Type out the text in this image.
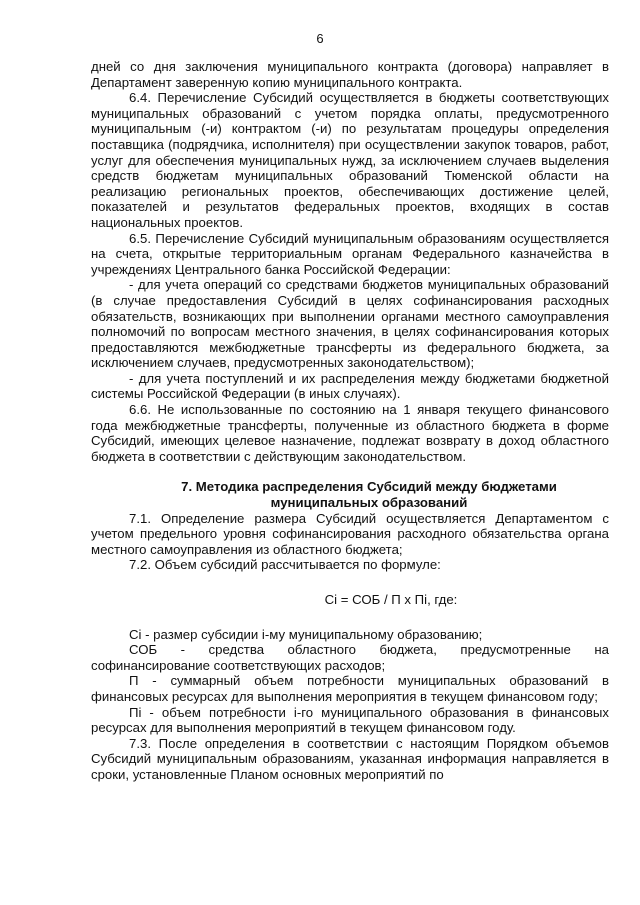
6

дней со дня заключения муниципального контракта (договора) направляет в Департамент заверенную копию муниципального контракта.

6.4. Перечисление Субсидий осуществляется в бюджеты соответствующих муниципальных образований с учетом порядка оплаты, предусмотренного муниципальным (-и) контрактом (-и) по результатам процедуры определения поставщика (подрядчика, исполнителя) при осуществлении закупок товаров, работ, услуг для обеспечения муниципальных нужд, за исключением случаев выделения средств бюджетам муниципальных образований Тюменской области на реализацию региональных проектов, обеспечивающих достижение целей, показателей и результатов федеральных проектов, входящих в состав национальных проектов.

6.5. Перечисление Субсидий муниципальным образованиям осуществляется на счета, открытые территориальным органам Федерального казначейства в учреждениях Центрального банка Российской Федерации:

- для учета операций со средствами бюджетов муниципальных образований (в случае предоставления Субсидий в целях софинансирования расходных обязательств, возникающих при выполнении органами местного самоуправления полномочий по вопросам местного значения, в целях софинансирования которых предоставляются межбюджетные трансферты из федерального бюджета, за исключением случаев, предусмотренных законодательством);

- для учета поступлений и их распределения между бюджетами бюджетной системы Российской Федерации (в иных случаях).

6.6. Не использованные по состоянию на 1 января текущего финансового года межбюджетные трансферты, полученные из областного бюджета в форме Субсидий, имеющих целевое назначение, подлежат возврату в доход областного бюджета в соответствии с действующим законодательством.

7. Методика распределения Субсидий между бюджетами
муниципальных образований

7.1. Определение размера Субсидий осуществляется Департаментом с учетом предельного уровня софинансирования расходного обязательства органа местного самоуправления из областного бюджета;

7.2. Объем субсидий рассчитывается по формуле:

Сi = СОБ / П х Пi, где:

Сi - размер субсидии i-му муниципальному образованию;

СОБ - средства областного бюджета, предусмотренные на софинансирование соответствующих расходов;

П - суммарный объем потребности муниципальных образований в финансовых ресурсах для выполнения мероприятия в текущем финансовом году;

Пi - объем потребности i-го муниципального образования в финансовых ресурсах для выполнения мероприятий в текущем финансовом году.

7.3. После определения в соответствии с настоящим Порядком объемов Субсидий муниципальным образованиям, указанная информация направляется в сроки, установленные Планом основных мероприятий по
